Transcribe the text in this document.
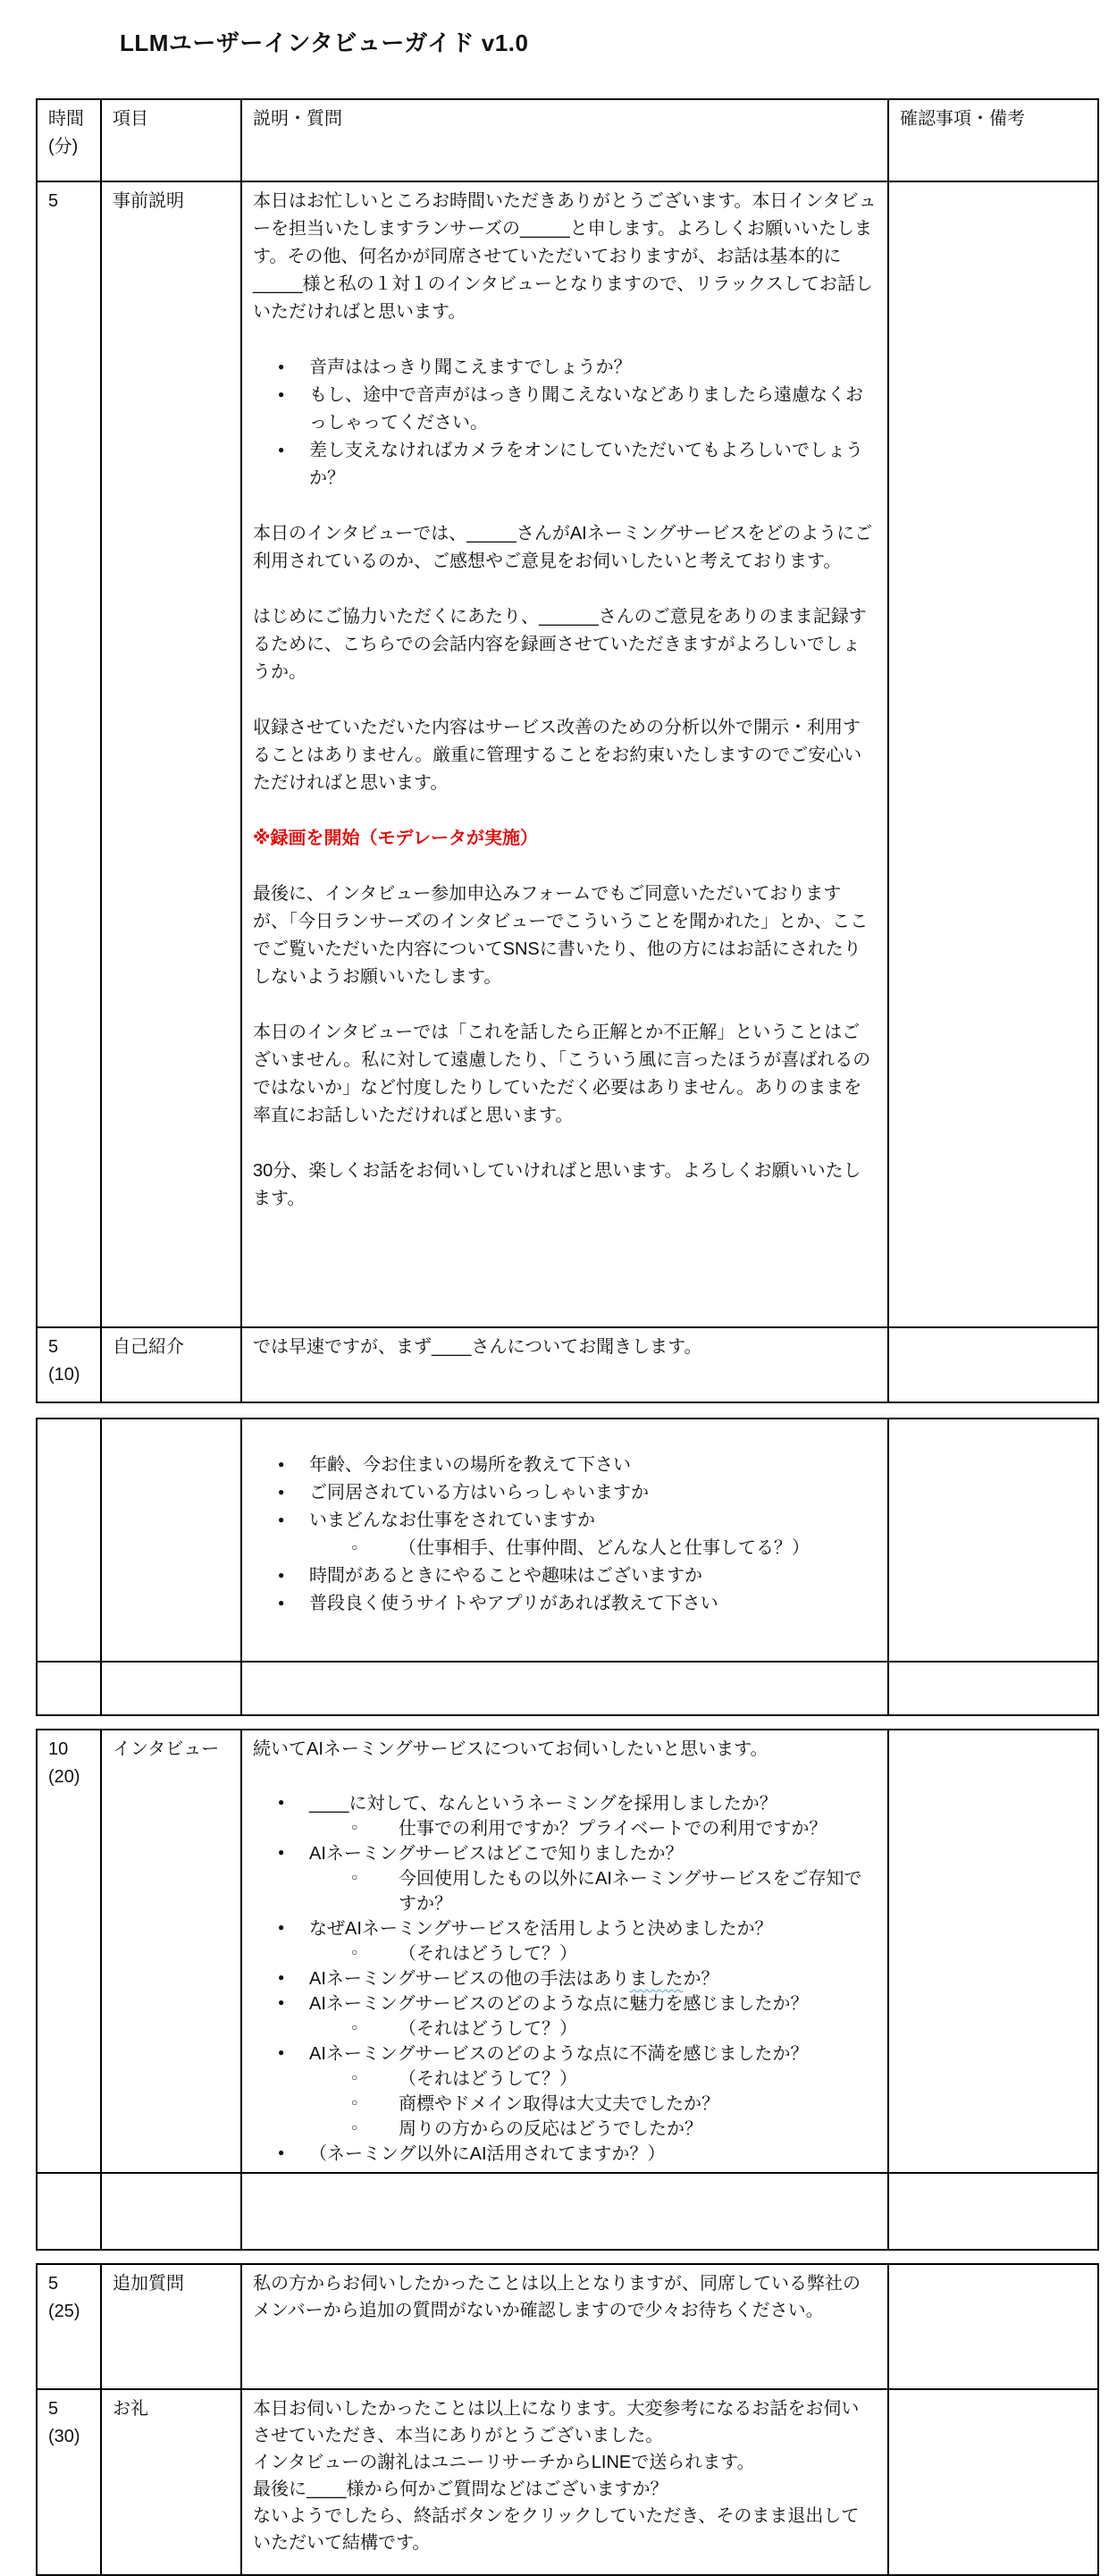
LLMユーザーインタビューガイド v1.0
時間
(分)	項目	説明・質問	確認事項・備考

5	事前説明	本日はお忙しいところお時間いただきありがとうございます。本日インタビューを担当いたしますランサーズの_____と申します。よろしくお願いいたします。その他、何名かが同席させていただいておりますが、お話は基本的に_____様と私の１対１のインタビューとなりますので、リラックスしてお話しいただければと思います。

● 音声ははっきり聞こえますでしょうか？
● もし、途中で音声がはっきり聞こえないなどありましたら遠慮なくおっしゃってください。
● 差し支えなければカメラをオンにしていただいてもよろしいでしょうか？

本日のインタビューでは、_____さんがAIネーミングサービスをどのようにご利用されているのか、ご感想やご意見をお伺いしたいと考えております。

はじめにご協力いただくにあたり、______さんのご意見をありのまま記録するために、こちらでの会話内容を録画させていただきますがよろしいでしょうか。

収録させていただいた内容はサービス改善のための分析以外で開示・利用することはありません。厳重に管理することをお約束いたしますのでご安心いただければと思います。

※録画を開始（モデレータが実施）

最後に、インタビュー参加申込みフォームでもご同意いただいておりますが、「今日ランサーズのインタビューでこういうことを聞かれた」とか、ここでご覧いただいた内容についてSNSに書いたり、他の方にはお話にされたりしないようお願いいたします。

本日のインタビューでは「これを話したら正解とか不正解」ということはございません。私に対して遠慮したり、「こういう風に言ったほうが喜ばれるのではないか」など忖度したりしていただく必要はありません。ありのままを率直にお話しいただければと思います。

30分、楽しくお話をお伺いしていければと思います。よろしくお願いいたします。

5
(10)	自己紹介	では早速ですが、まず____さんについてお聞きします。	

● 年齢、今お住まいの場所を教えて下さい
● ご同居されている方はいらっしゃいますか
● いまどんなお仕事をされていますか
○ （仕事相手、仕事仲間、どんな人と仕事してる？）
● 時間があるときにやることや趣味はございますか
● 普段良く使うサイトやアプリがあれば教えて下さい

10
(20)
	インタビュー	続いてAIネーミングサービスについてお伺いしたいと思います。

● ____に対して、なんというネーミングを採用しましたか？
○ 仕事での利用ですか？プライベートでの利用ですか？
● AIネーミングサービスはどこで知りましたか？
○ 今回使用したもの以外にAIネーミングサービスをご存知ですか？
● なぜAIネーミングサービスを活用しようと決めましたか？
○ （それはどうして？）
● AIネーミングサービスの他の手法はありましたか？
● AIネーミングサービスのどのような点に魅力を感じましたか？
○ （それはどうして？）
● AIネーミングサービスのどのような点に不満を感じましたか？
○ （それはどうして？）
○ 商標やドメイン取得は大丈夫でしたか？
○ 周りの方からの反応はどうでしたか？
● （ネーミング以外にAI活用されてますか？）

5
(25)	追加質問	私の方からお伺いしたかったことは以上となりますが、同席している弊社のメンバーから追加の質問がないか確認しますので少々お待ちください。	

5
(30)
	お礼	本日お伺いしたかったことは以上になります。大変参考になるお話をお伺いさせていただき、本当にありがとうございました。
インタビューの謝礼はユニーリサーチからLINEで送られます。
最後に____様から何かご質問などはございますか？
ないようでしたら、終話ボタンをクリックしていただき、そのまま退出していただいて結構です。
